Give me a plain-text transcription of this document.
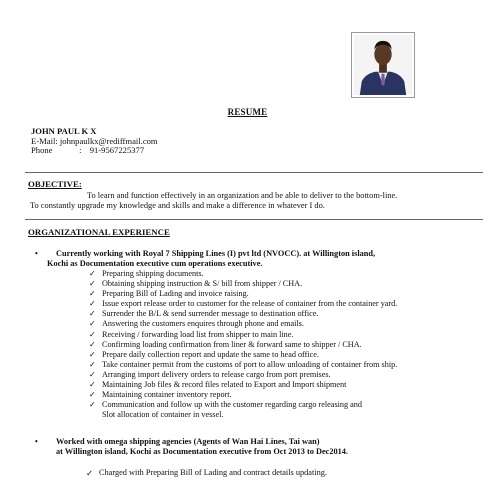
RESUME
JOHN PAUL K X
E-Mail: johnpaulkx@rediffmail.com
Phone	: 91-9567225377
OBJECTIVE:
To learn and function effectively in an organization and be able to deliver to the bottom-line.
To constantly upgrade my knowledge and skills and make a difference in whatever I do.
ORGANIZATIONAL EXPERIENCE
• Currently working with Royal 7 Shipping Lines (I) pvt ltd (NVOCC). at Willington island,
Kochi as Documentation executive cum operations executive.
✓ Preparing shipping documents.
✓ Obtaining shipping instruction & S/ bill from shipper / CHA.
✓ Preparing Bill of Lading and invoice raising.
✓ Issue export release order to customer for the release of container from the container yard.
✓ Surrender the B/L & send surrender message to destination office.
✓ Answering the customers enquires through phone and emails.
✓ Receiving / forwarding load list from shipper to main line.
✓ Confirming loading confirmation from liner & forward same to shipper / CHA.
✓ Prepare daily collection report and update the same to head office.
✓ Take container permit from the customs of port to allow unloading of container from ship.
✓ Arranging import delivery orders to release cargo from port premises.
✓ Maintaining Job files & record files related to Export and Import shipment
✓ Maintaining container inventory report.
✓ Communication and follow up with the customer regarding cargo releasing and
Slot allocation of container in vessel.
• Worked with omega shipping agencies (Agents of Wan Hai Lines, Tai wan)
at Willington island, Kochi as Documentation executive from Oct 2013 to Dec2014.
✓ Charged with Preparing Bill of Lading and contract details updating.
